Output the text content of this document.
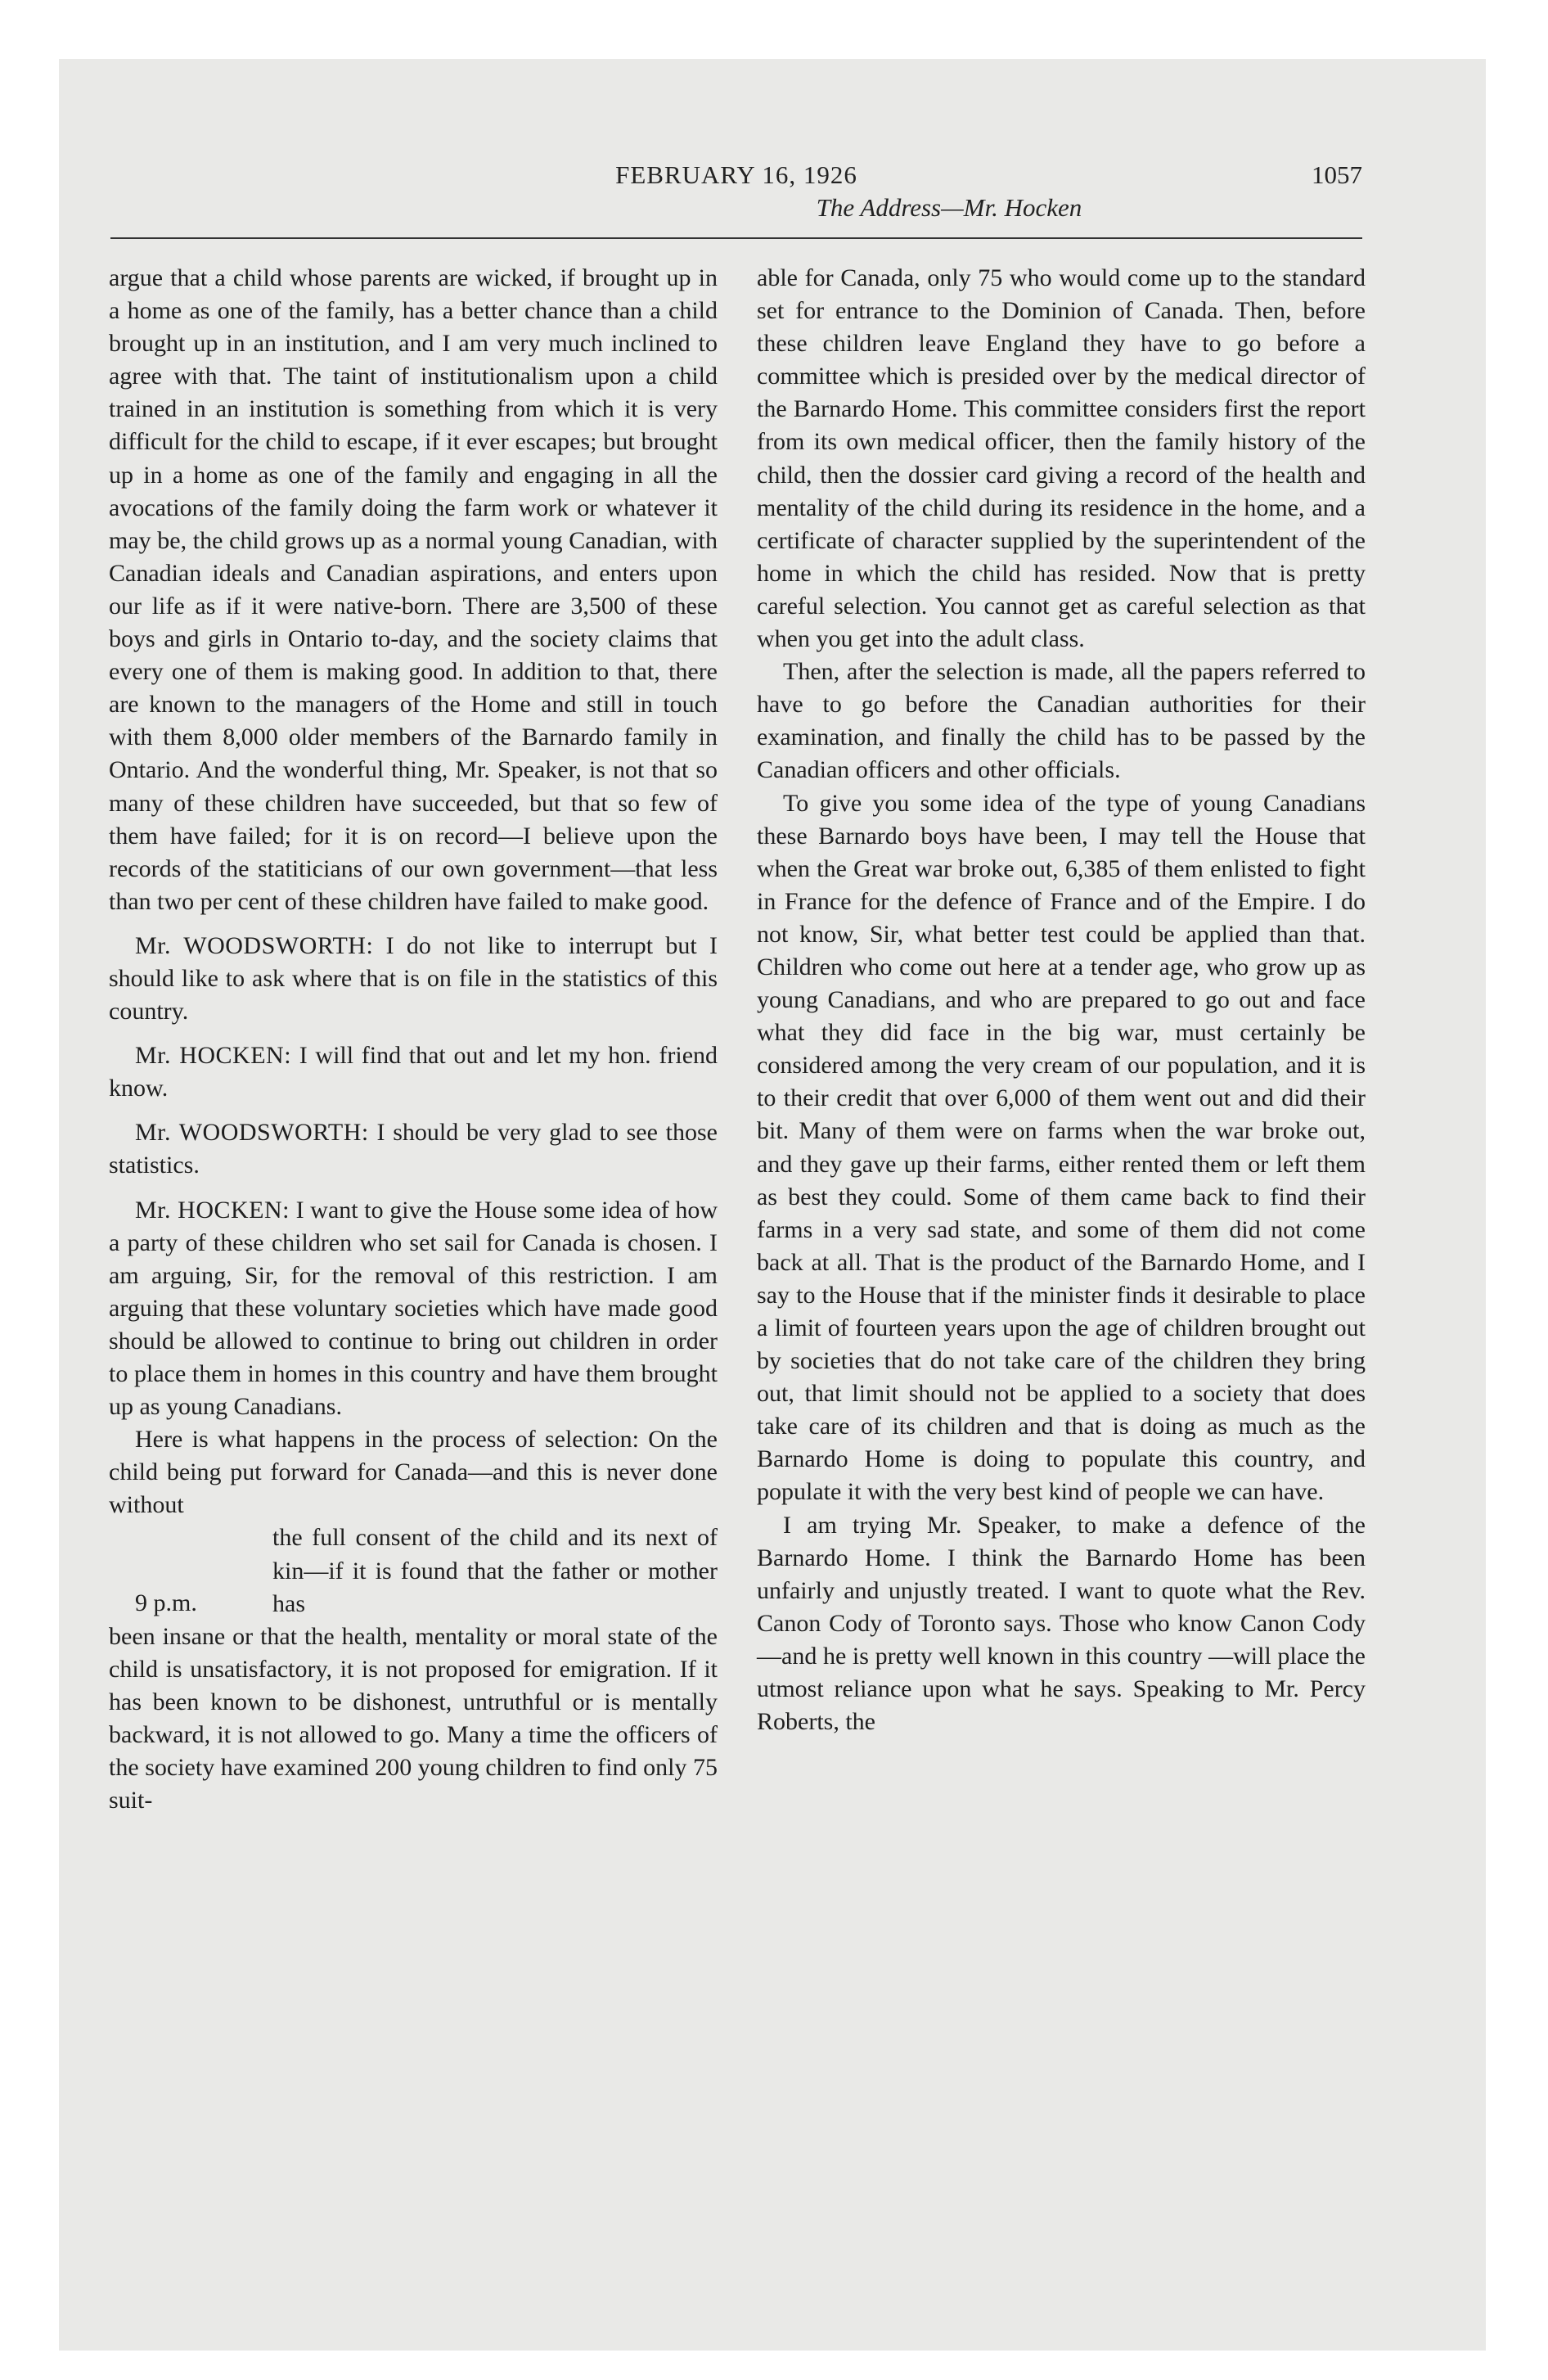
FEBRUARY 16, 1926	1057
The Address—Mr. Hocken

argue that a child whose parents are wicked, if brought up in a home as one of the family, has a better chance than a child brought up in an institution, and I am very much inclined to agree with that. The taint of institutionalism upon a child trained in an institution is something from which it is very difficult for the child to escape, if it ever escapes; but brought up in a home as one of the family and engaging in all the avocations of the family doing the farm work or whatever it may be, the child grows up as a normal young Canadian, with Canadian ideals and Canadian aspirations, and enters upon our life as if it were native-born. There are 3,500 of these boys and girls in Ontario to-day, and the society claims that every one of them is making good. In addition to that, there are known to the managers of the Home and still in touch with them 8,000 older members of the Barnardo family in Ontario. And the wonderful thing, Mr. Speaker, is not that so many of these children have succeeded, but that so few of them have failed; for it is on record—I believe upon the records of the statiticians of our own government—that less than two per cent of these children have failed to make good.

Mr. WOODSWORTH: I do not like to interrupt but I should like to ask where that is on file in the statistics of this country.

Mr. HOCKEN: I will find that out and let my hon. friend know.

Mr. WOODSWORTH: I should be very glad to see those statistics.

Mr. HOCKEN: I want to give the House some idea of how a party of these children who set sail for Canada is chosen. I am arguing, Sir, for the removal of this restriction. I am arguing that these voluntary societies which have made good should be allowed to continue to bring out children in order to place them in homes in this country and have them brought up as young Canadians.

Here is what happens in the process of selection: On the child being put forward for Canada—and this is never done without

9 p.m.

the full consent of the child and its next of kin—if it is found that the father or mother has

been insane or that the health, mentality or moral state of the child is unsatisfactory, it is not proposed for emigration. If it has been known to be dishonest, untruthful or is mentally backward, it is not allowed to go. Many a time the officers of the society have examined 200 young children to find only 75 suit-

able for Canada, only 75 who would come up to the standard set for entrance to the Dominion of Canada. Then, before these children leave England they have to go before a committee which is presided over by the medical director of the Barnardo Home. This committee considers first the report from its own medical officer, then the family history of the child, then the dossier card giving a record of the health and mentality of the child during its residence in the home, and a certificate of character supplied by the superintendent of the home in which the child has resided. Now that is pretty careful selection. You cannot get as careful selection as that when you get into the adult class.

Then, after the selection is made, all the papers referred to have to go before the Canadian authorities for their examination, and finally the child has to be passed by the Canadian officers and other officials.

To give you some idea of the type of young Canadians these Barnardo boys have been, I may tell the House that when the Great war broke out, 6,385 of them enlisted to fight in France for the defence of France and of the Empire. I do not know, Sir, what better test could be applied than that. Children who come out here at a tender age, who grow up as young Canadians, and who are prepared to go out and face what they did face in the big war, must certainly be considered among the very cream of our population, and it is to their credit that over 6,000 of them went out and did their bit. Many of them were on farms when the war broke out, and they gave up their farms, either rented them or left them as best they could. Some of them came back to find their farms in a very sad state, and some of them did not come back at all. That is the product of the Barnardo Home, and I say to the House that if the minister finds it desirable to place a limit of fourteen years upon the age of children brought out by societies that do not take care of the children they bring out, that limit should not be applied to a society that does take care of its children and that is doing as much as the Barnardo Home is doing to populate this country, and populate it with the very best kind of people we can have.

I am trying Mr. Speaker, to make a defence of the Barnardo Home. I think the Barnardo Home has been unfairly and unjustly treated. I want to quote what the Rev. Canon Cody of Toronto says. Those who know Canon Cody —and he is pretty well known in this country —will place the utmost reliance upon what he says. Speaking to Mr. Percy Roberts, the
